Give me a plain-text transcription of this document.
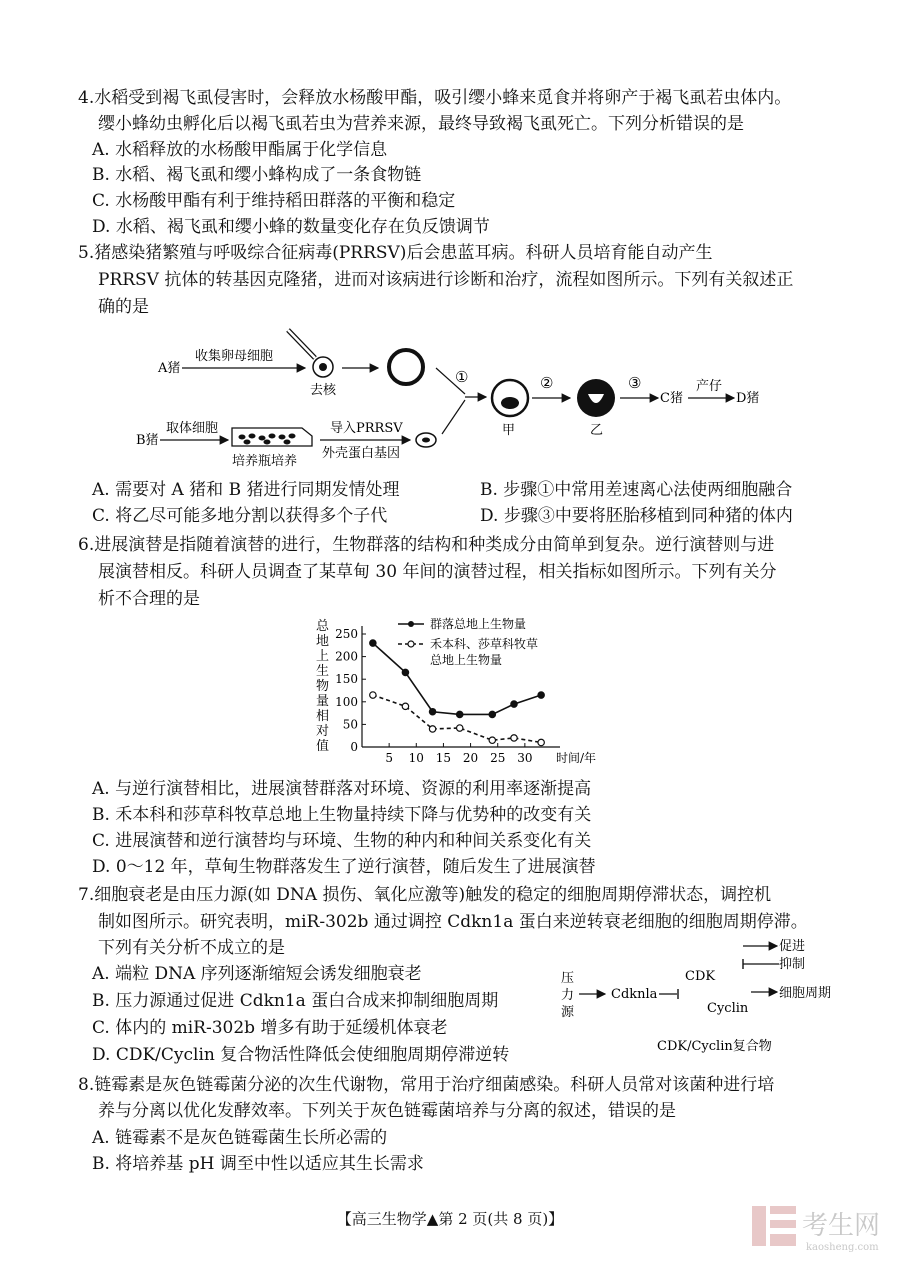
4.水稻受到褐飞虱侵害时，会释放水杨酸甲酯，吸引缨小蜂来觅食并将卵产于褐飞虱若虫体内。
缨小蜂幼虫孵化后以褐飞虱若虫为营养来源，最终导致褐飞虱死亡。下列分析错误的是
A. 水稻释放的水杨酸甲酯属于化学信息
B. 水稻、褐飞虱和缨小蜂构成了一条食物链
C. 水杨酸甲酯有利于维持稻田群落的平衡和稳定
D. 水稻、褐飞虱和缨小蜂的数量变化存在负反馈调节
5.猪感染猪繁殖与呼吸综合征病毒(PRRSV)后会患蓝耳病。科研人员培育能自动产生
PRRSV 抗体的转基因克隆猪，进而对该病进行诊断和治疗，流程如图所示。下列有关叙述正
确的是
A猪
收集卵母细胞
去核
B猪
取体细胞
培养瓶培养
导入PRRSV
外壳蛋白基因
①
甲
②
乙
③
C猪
产仔
D猪
A. 需要对 A 猪和 B 猪进行同期发情处理	B. 步骤①中常用差速离心法使两细胞融合
C. 将乙尽可能多地分割以获得多个子代	D. 步骤③中要将胚胎移植到同种猪的体内
6.进展演替是指随着演替的进行，生物群落的结构和种类成分由简单到复杂。逆行演替则与进
展演替相反。科研人员调查了某草甸 30 年间的演替过程，相关指标如图所示。下列有关分
析不合理的是
总
地
上
生
物
量
相
对
值 0
50
100
150
200
250
5 10 15 20 25 30 时间/年
群落总地上生物量
禾本科、莎草科牧草
总地上生物量
A. 与逆行演替相比，进展演替群落对环境、资源的利用率逐渐提高
B. 禾本科和莎草科牧草总地上生物量持续下降与优势种的改变有关
C. 进展演替和逆行演替均与环境、生物的种内和种间关系变化有关
D. 0～12 年，草甸生物群落发生了逆行演替，随后发生了进展演替
7.细胞衰老是由压力源(如 DNA 损伤、氧化应激等)触发的稳定的细胞周期停滞状态，调控机
制如图所示。研究表明，miR-302b 通过调控 Cdkn1a 蛋白来逆转衰老细胞的细胞周期停滞。
下列有关分析不成立的是
A. 端粒 DNA 序列逐渐缩短会诱发细胞衰老
B. 压力源通过促进 Cdkn1a 蛋白合成来抑制细胞周期
C. 体内的 miR-302b 增多有助于延缓机体衰老
D. CDK/Cyclin 复合物活性降低会使细胞周期停滞逆转
促进
抑制
压
力
源
Cdknla
CDK
Cyclin
细胞周期
CDK/Cyclin复合物
8.链霉素是灰色链霉菌分泌的次生代谢物，常用于治疗细菌感染。科研人员常对该菌种进行培
养与分离以优化发酵效率。下列关于灰色链霉菌培养与分离的叙述，错误的是
A. 链霉素不是灰色链霉菌生长所必需的
B. 将培养基 pH 调至中性以适应其生长需求
【高三生物学▲第 2 页(共 8 页)】	考生网
kaosheng.com
